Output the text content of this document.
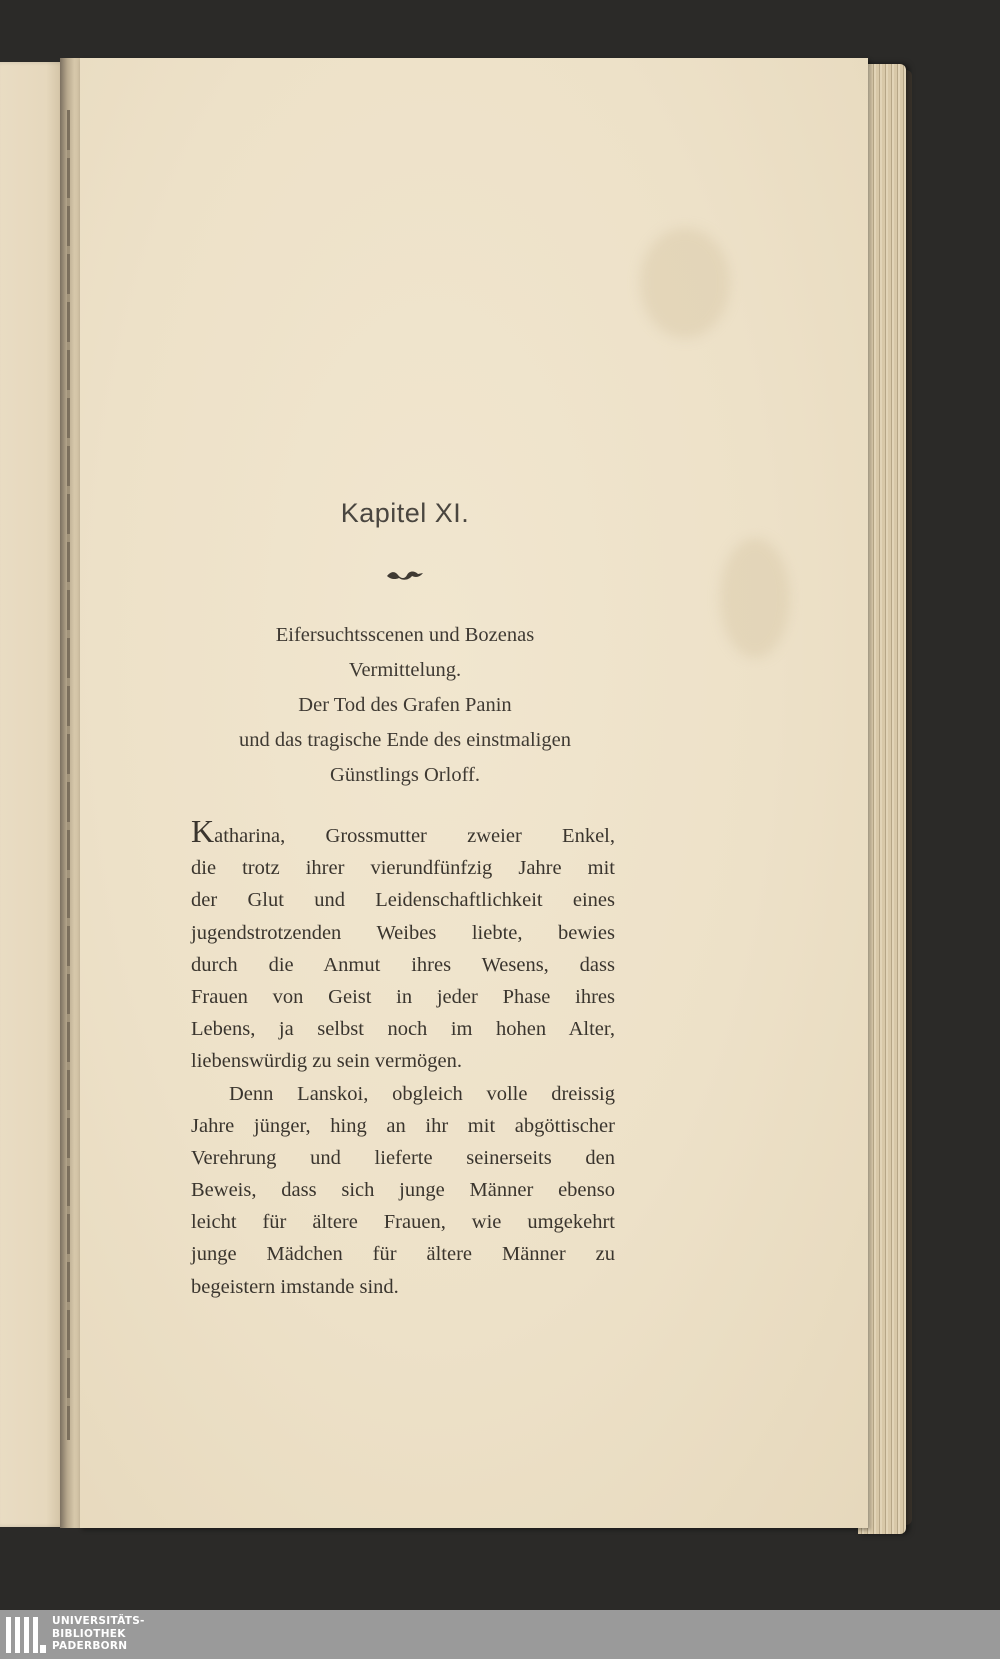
Kapitel XI.
Eifersuchtsscenen und Bozenas
Vermittelung.
Der Tod des Grafen Panin
und das tragische Ende des einstmaligen
Günstlings Orloff.
Katharina, Grossmutter zweier Enkel,
die trotz ihrer vierundfünfzig Jahre mit
der Glut und Leidenschaftlichkeit eines
jugendstrotzenden Weibes liebte, bewies
durch die Anmut ihres Wesens, dass
Frauen von Geist in jeder Phase ihres
Lebens, ja selbst noch im hohen Alter,
liebenswürdig zu sein vermögen.
Denn Lanskoi, obgleich volle dreissig
Jahre jünger, hing an ihr mit abgöttischer
Verehrung und lieferte seinerseits den
Beweis, dass sich junge Männer ebenso
leicht für ältere Frauen, wie umgekehrt
junge Mädchen für ältere Männer zu
begeistern imstande sind.
UNIVERSITÄTS-
BIBLIOTHEK
PADERBORN
